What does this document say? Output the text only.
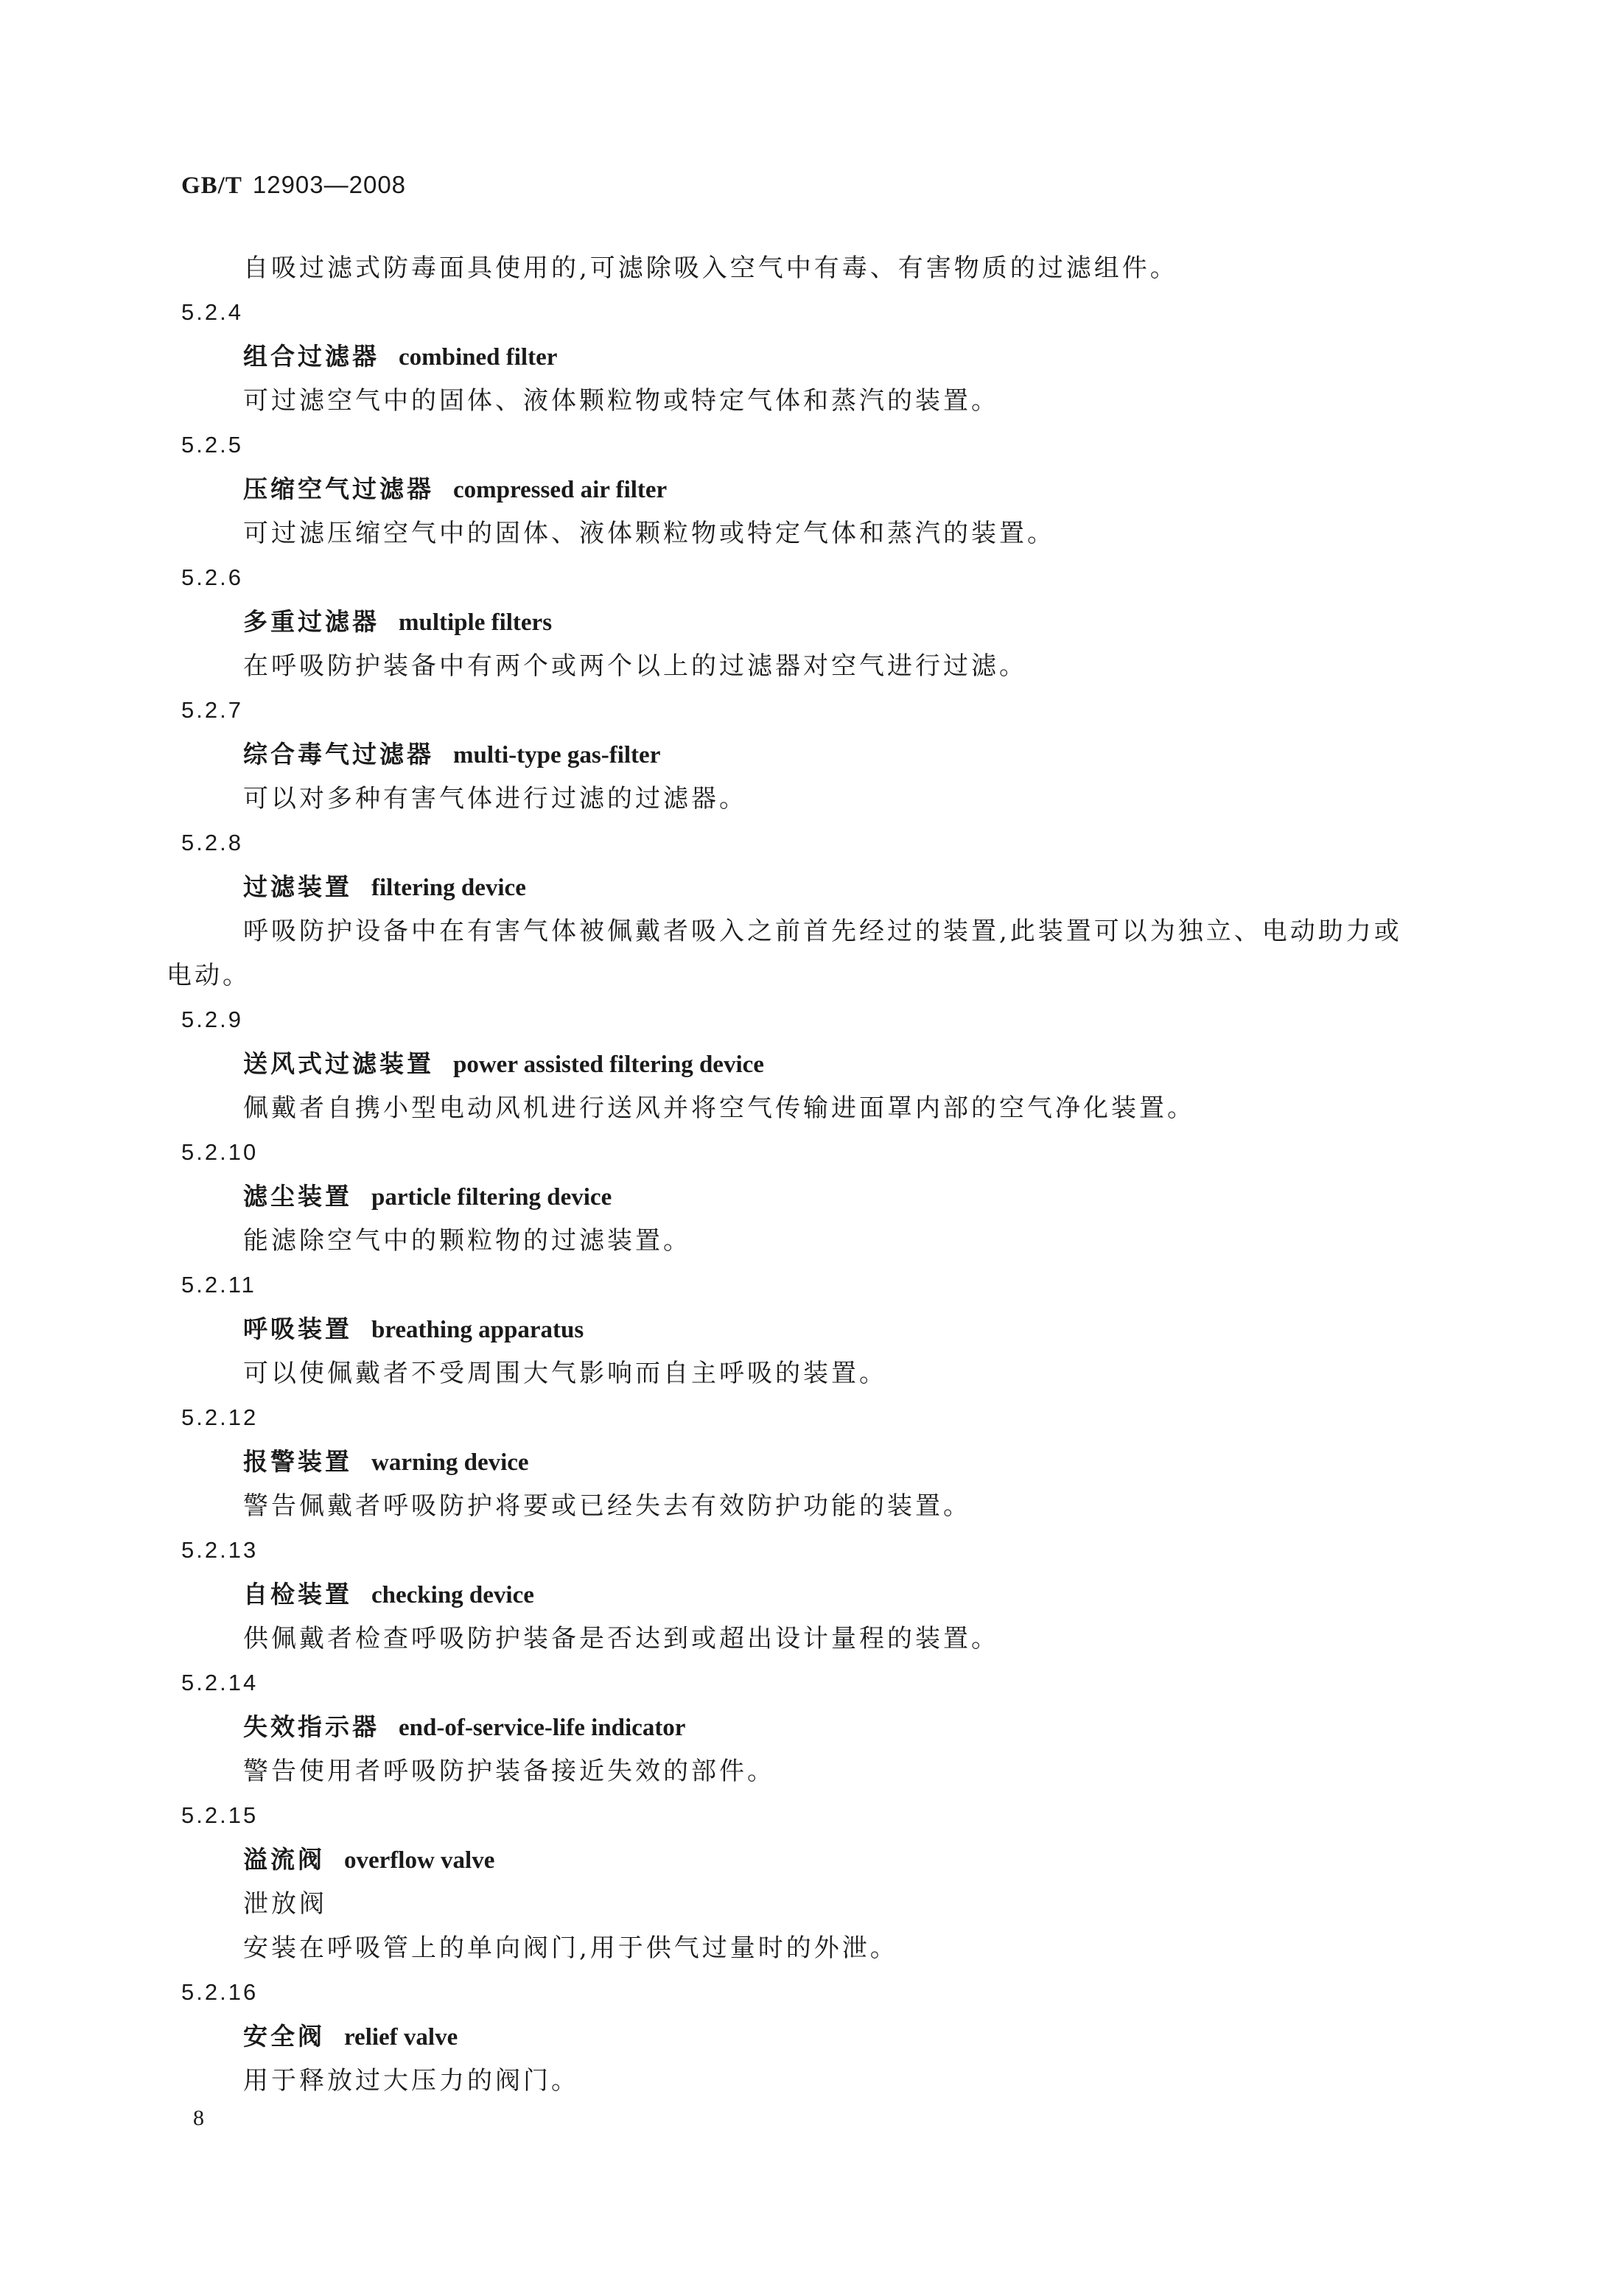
GB/T 12903—2008
自吸过滤式防毒面具使用的,可滤除吸入空气中有毒、有害物质的过滤组件。
5.2.4
组合过滤器 combined filter
可过滤空气中的固体、液体颗粒物或特定气体和蒸汽的装置。
5.2.5
压缩空气过滤器 compressed air filter
可过滤压缩空气中的固体、液体颗粒物或特定气体和蒸汽的装置。
5.2.6
多重过滤器 multiple filters
在呼吸防护装备中有两个或两个以上的过滤器对空气进行过滤。
5.2.7
综合毒气过滤器 multi-type gas-filter
可以对多种有害气体进行过滤的过滤器。
5.2.8
过滤装置 filtering device
呼吸防护设备中在有害气体被佩戴者吸入之前首先经过的装置,此装置可以为独立、电动助力或
电动。
5.2.9
送风式过滤装置 power assisted filtering device
佩戴者自携小型电动风机进行送风并将空气传输进面罩内部的空气净化装置。
5.2.10
滤尘装置 particle filtering device
能滤除空气中的颗粒物的过滤装置。
5.2.11
呼吸装置 breathing apparatus
可以使佩戴者不受周围大气影响而自主呼吸的装置。
5.2.12
报警装置 warning device
警告佩戴者呼吸防护将要或已经失去有效防护功能的装置。
5.2.13
自检装置 checking device
供佩戴者检查呼吸防护装备是否达到或超出设计量程的装置。
5.2.14
失效指示器 end-of-service-life indicator
警告使用者呼吸防护装备接近失效的部件。
5.2.15
溢流阀 overflow valve
泄放阀
安装在呼吸管上的单向阀门,用于供气过量时的外泄。
5.2.16
安全阀 relief valve
用于释放过大压力的阀门。
8
